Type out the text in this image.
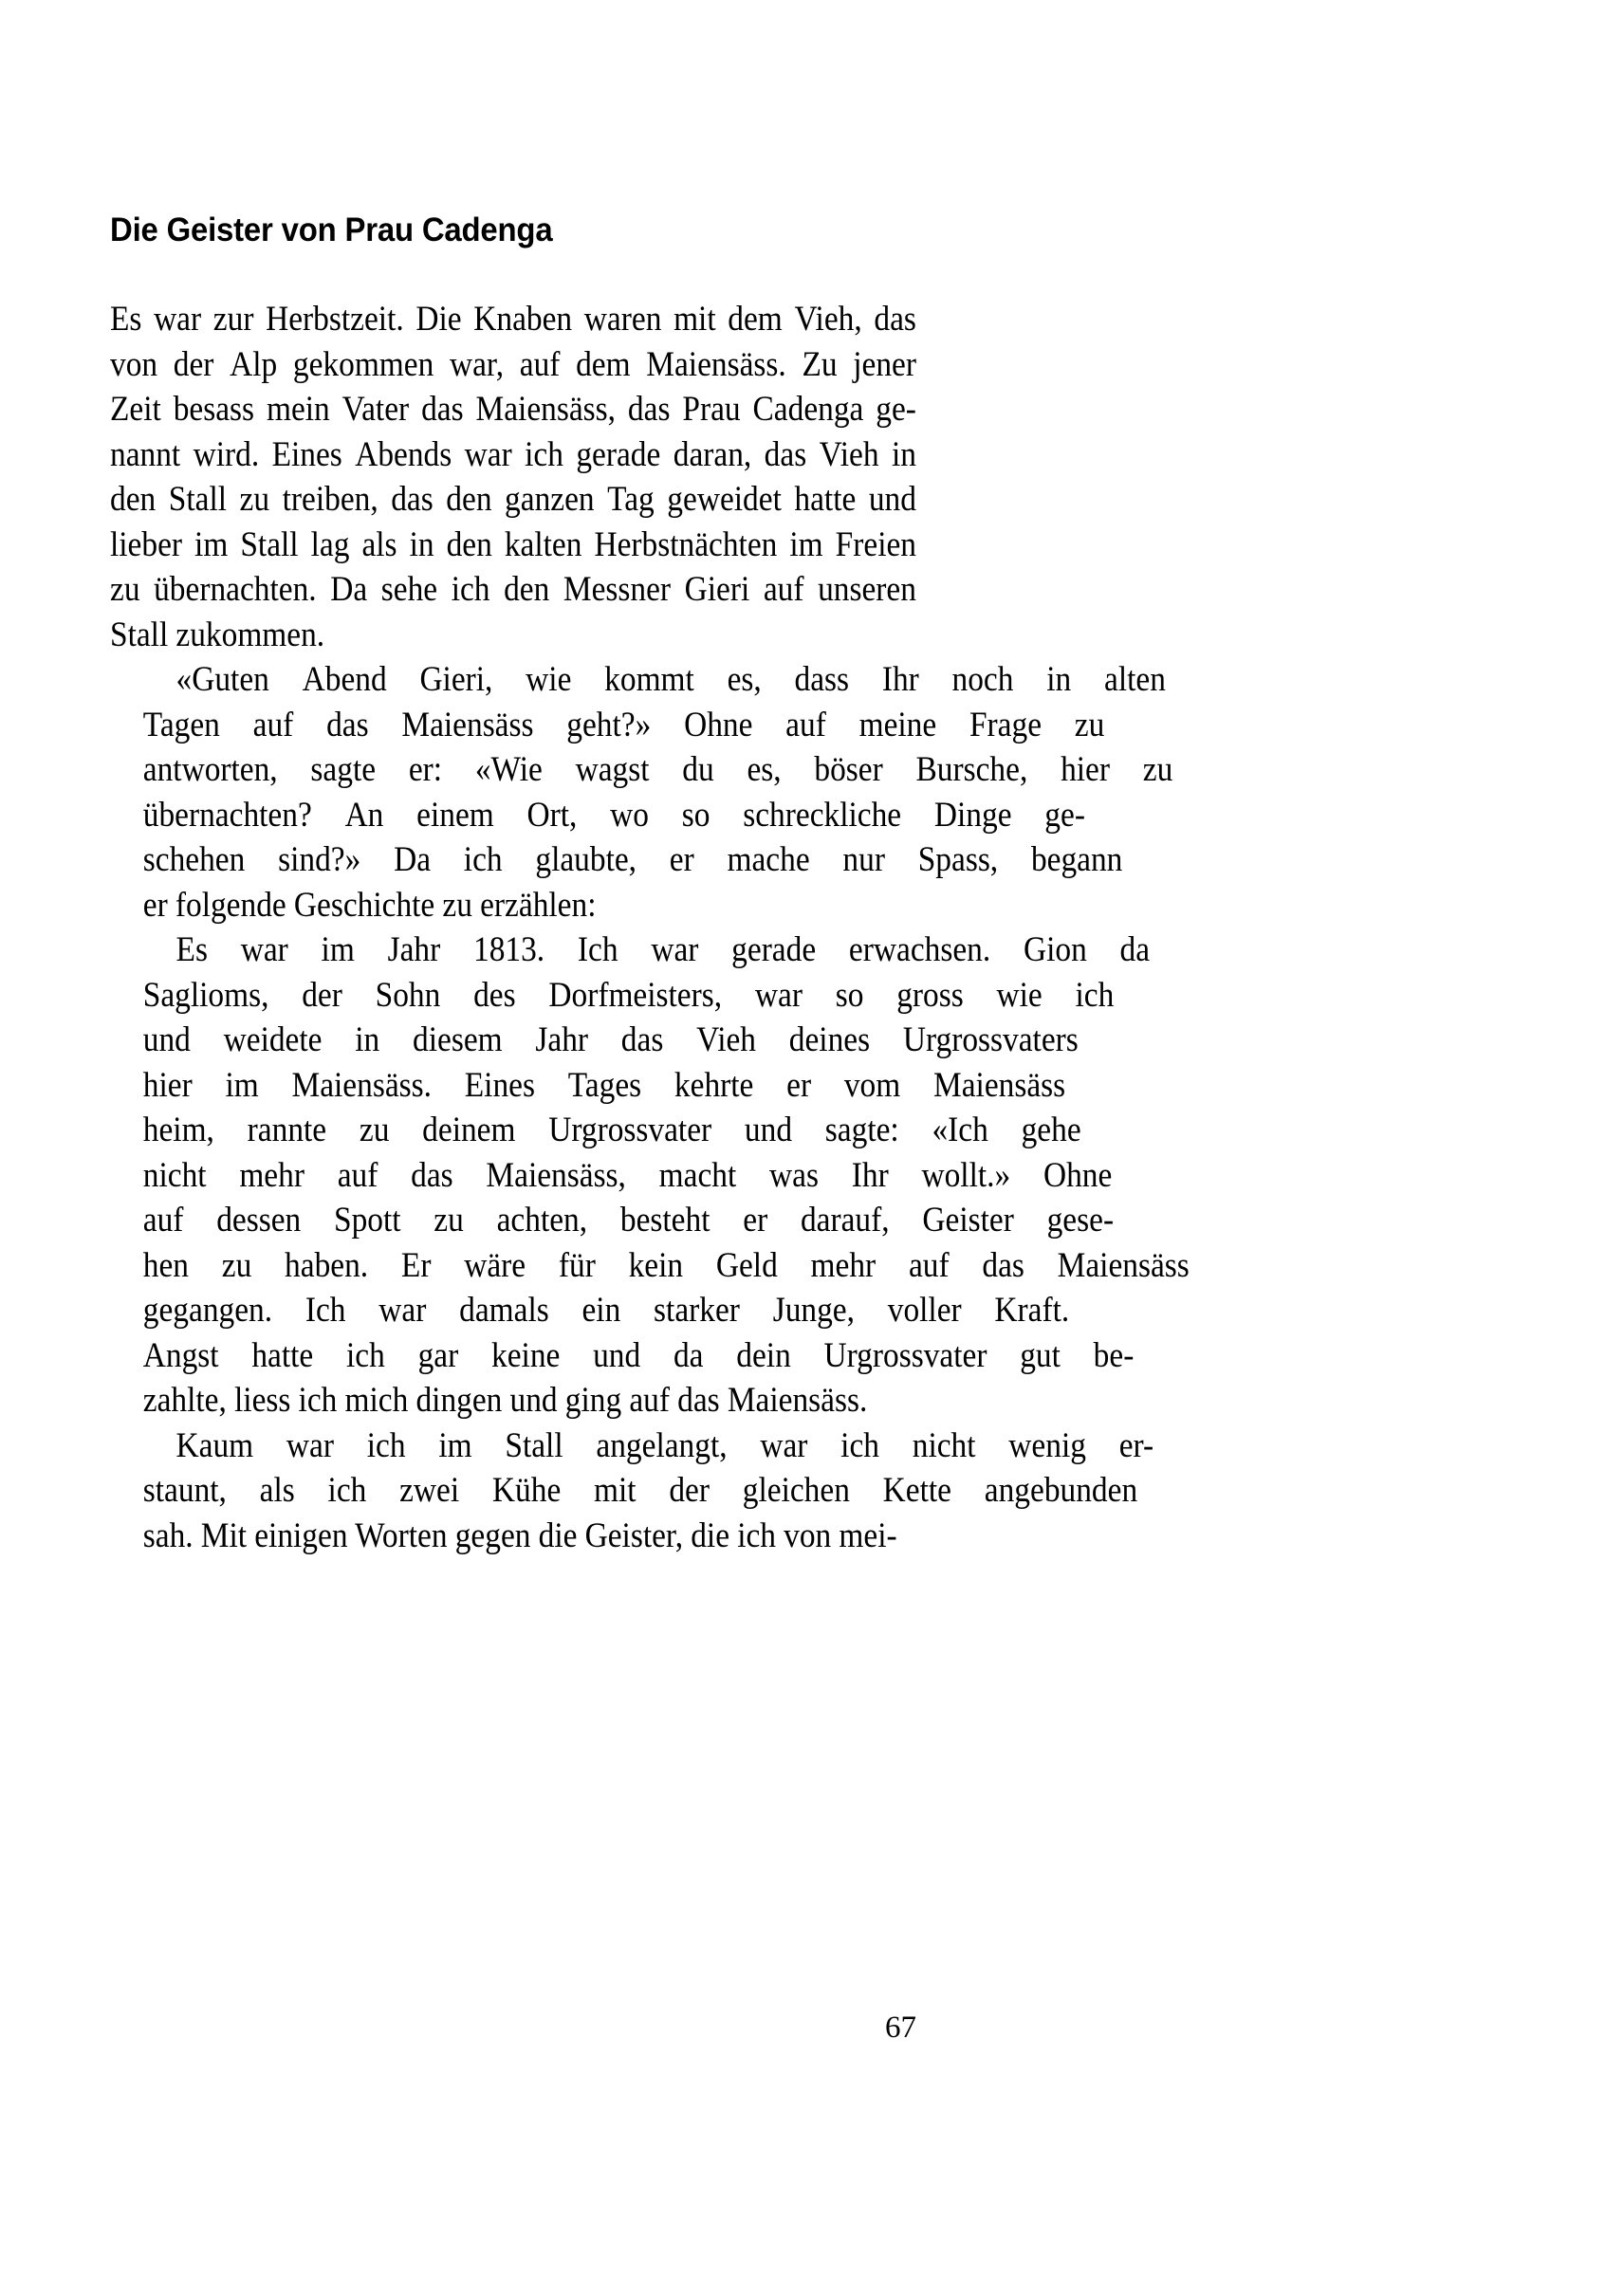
Die Geister von Prau Cadenga
Es war zur Herbstzeit. Die Knaben waren mit dem Vieh, das
von der Alp gekommen war, auf dem Maiensäss. Zu jener
Zeit besass mein Vater das Maiensäss, das Prau Cadenga ge-
nannt wird. Eines Abends war ich gerade daran, das Vieh in
den Stall zu treiben, das den ganzen Tag geweidet hatte und
lieber im Stall lag als in den kalten Herbstnächten im Freien
zu übernachten. Da sehe ich den Messner Gieri auf unseren
Stall zukommen.
«Guten Abend Gieri, wie kommt es, dass Ihr noch in alten
Tagen auf das Maiensäss geht?» Ohne auf meine Frage zu
antworten, sagte er: «Wie wagst du es, böser Bursche, hier zu
übernachten? An einem Ort, wo so schreckliche Dinge ge-
schehen sind?» Da ich glaubte, er mache nur Spass, begann
er folgende Geschichte zu erzählen:
Es war im Jahr 1813. Ich war gerade erwachsen. Gion da
Saglioms, der Sohn des Dorfmeisters, war so gross wie ich
und weidete in diesem Jahr das Vieh deines Urgrossvaters
hier im Maiensäss. Eines Tages kehrte er vom Maiensäss
heim, rannte zu deinem Urgrossvater und sagte: «Ich gehe
nicht mehr auf das Maiensäss, macht was Ihr wollt.» Ohne
auf dessen Spott zu achten, besteht er darauf, Geister gese-
hen zu haben. Er wäre für kein Geld mehr auf das Maiensäss
gegangen. Ich war damals ein starker Junge, voller Kraft.
Angst hatte ich gar keine und da dein Urgrossvater gut be-
zahlte, liess ich mich dingen und ging auf das Maiensäss.
Kaum war ich im Stall angelangt, war ich nicht wenig er-
staunt, als ich zwei Kühe mit der gleichen Kette angebunden
sah. Mit einigen Worten gegen die Geister, die ich von mei-
67
